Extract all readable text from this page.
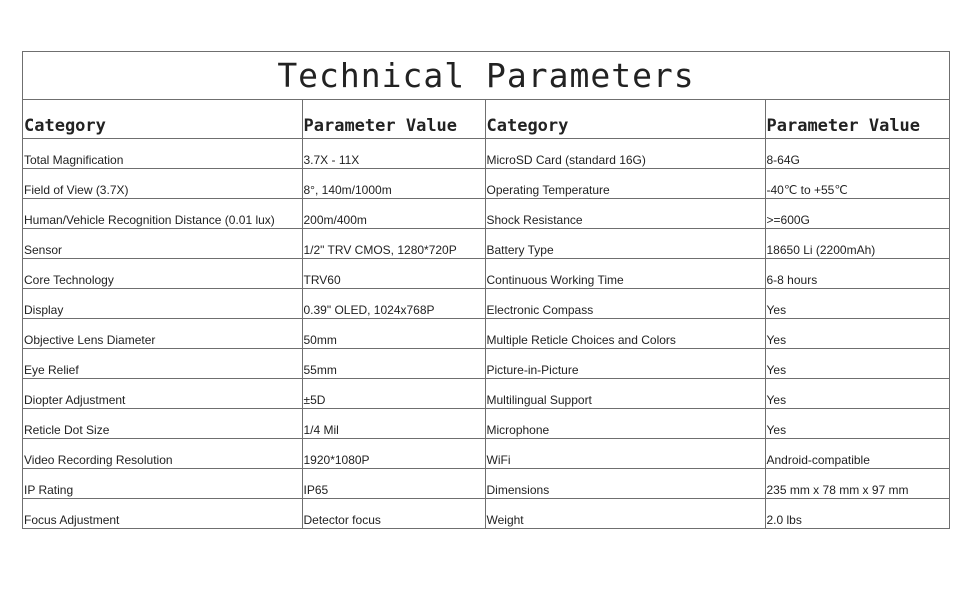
Technical Parameters
Category	Parameter Value	Category	Parameter Value
Total Magnification	3.7X - 11X	MicroSD Card (standard 16G)	8-64G
Field of View (3.7X)	8°, 140m/1000m	Operating Temperature	-40℃ to +55℃
Human/Vehicle Recognition Distance (0.01 lux)	200m/400m	Shock Resistance	>=600G
Sensor	1/2" TRV CMOS, 1280*720P	Battery Type	18650 Li (2200mAh)
Core Technology	TRV60	Continuous Working Time	6-8 hours
Display	0.39" OLED, 1024x768P	Electronic Compass	Yes
Objective Lens Diameter	50mm	Multiple Reticle Choices and Colors	Yes
Eye Relief	55mm	Picture-in-Picture	Yes
Diopter Adjustment	±5D	Multilingual Support	Yes
Reticle Dot Size	1/4 Mil	Microphone	Yes
Video Recording Resolution	1920*1080P	WiFi	Android-compatible
IP Rating	IP65	Dimensions	235 mm x 78 mm x 97 mm
Focus Adjustment	Detector focus	Weight	2.0 lbs
